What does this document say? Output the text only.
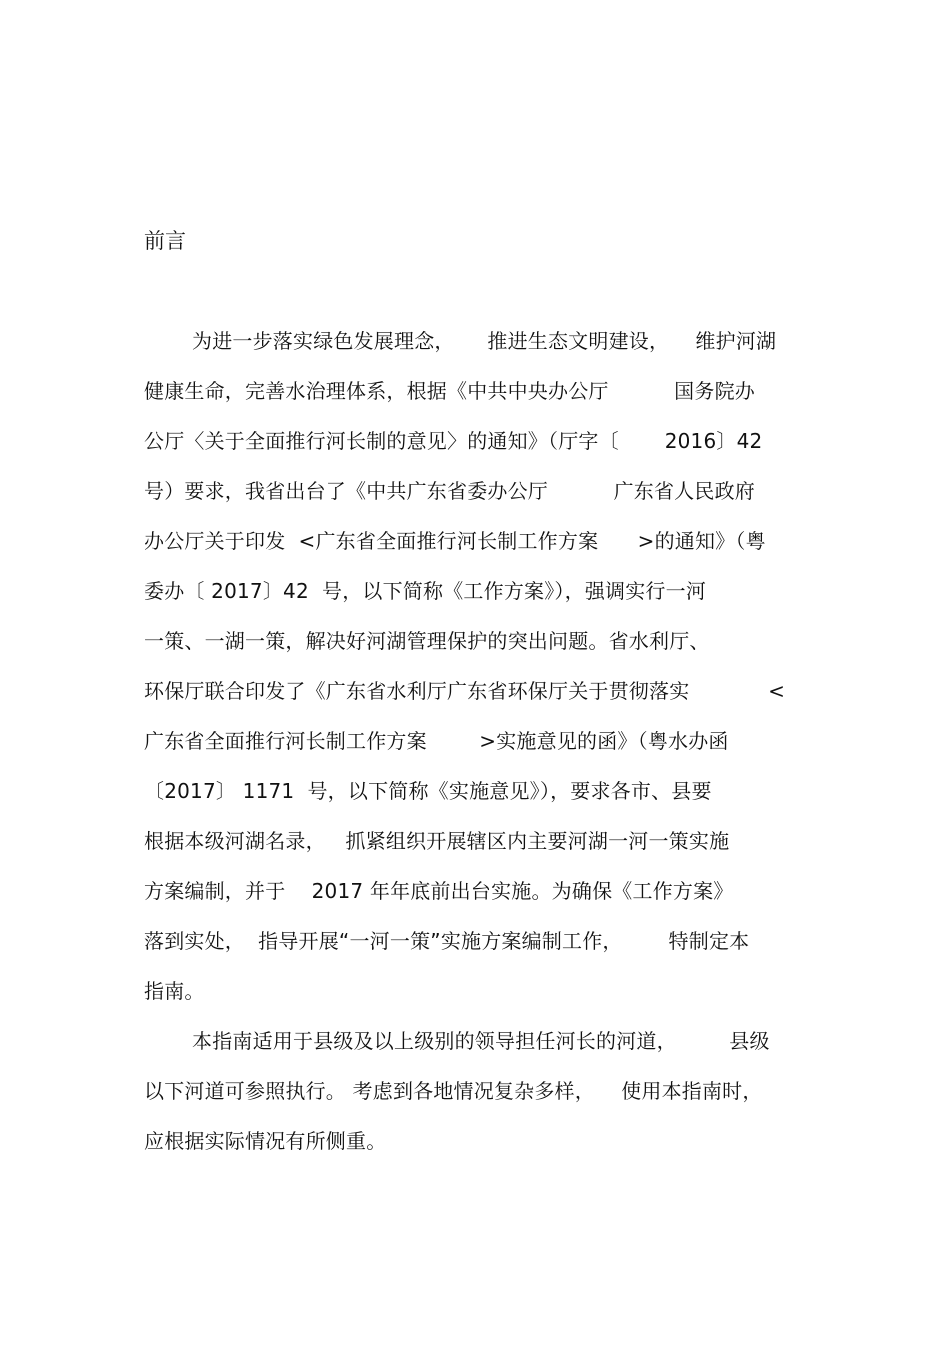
前言
为进一步落实绿色发展理念，     推进生态文明建设，    维护河湖
健康生命，完善水治理体系，根据《中共中央办公厅          国务院办
公厅〈关于全面推行河长制的意见〉的通知》（厅字〔       2016〕42
号）要求，我省出台了《中共广东省委办公厅          广东省人民政府
办公厅关于印发  <广东省全面推行河长制工作方案      >的通知》（粤
委办〔 2017〕42  号，以下简称《工作方案》），强调实行一河
一策、一湖一策，解决好河湖管理保护的突出问题。省水利厅、
环保厅联合印发了《广东省水利厅广东省环保厅关于贯彻落实            <
广东省全面推行河长制工作方案        >实施意见的函》（粤水办函
〔2017〕 1171  号，以下简称《实施意见》），要求各市、县要
根据本级河湖名录，   抓紧组织开展辖区内主要河湖一河一策实施
方案编制，并于    2017 年年底前出台实施。为确保《工作方案》
落到实处，  指导开展“一河一策”实施方案编制工作，       特制定本
指南。
本指南适用于县级及以上级别的领导担任河长的河道，        县级
以下河道可参照执行。 考虑到各地情况复杂多样，    使用本指南时，
应根据实际情况有所侧重。
